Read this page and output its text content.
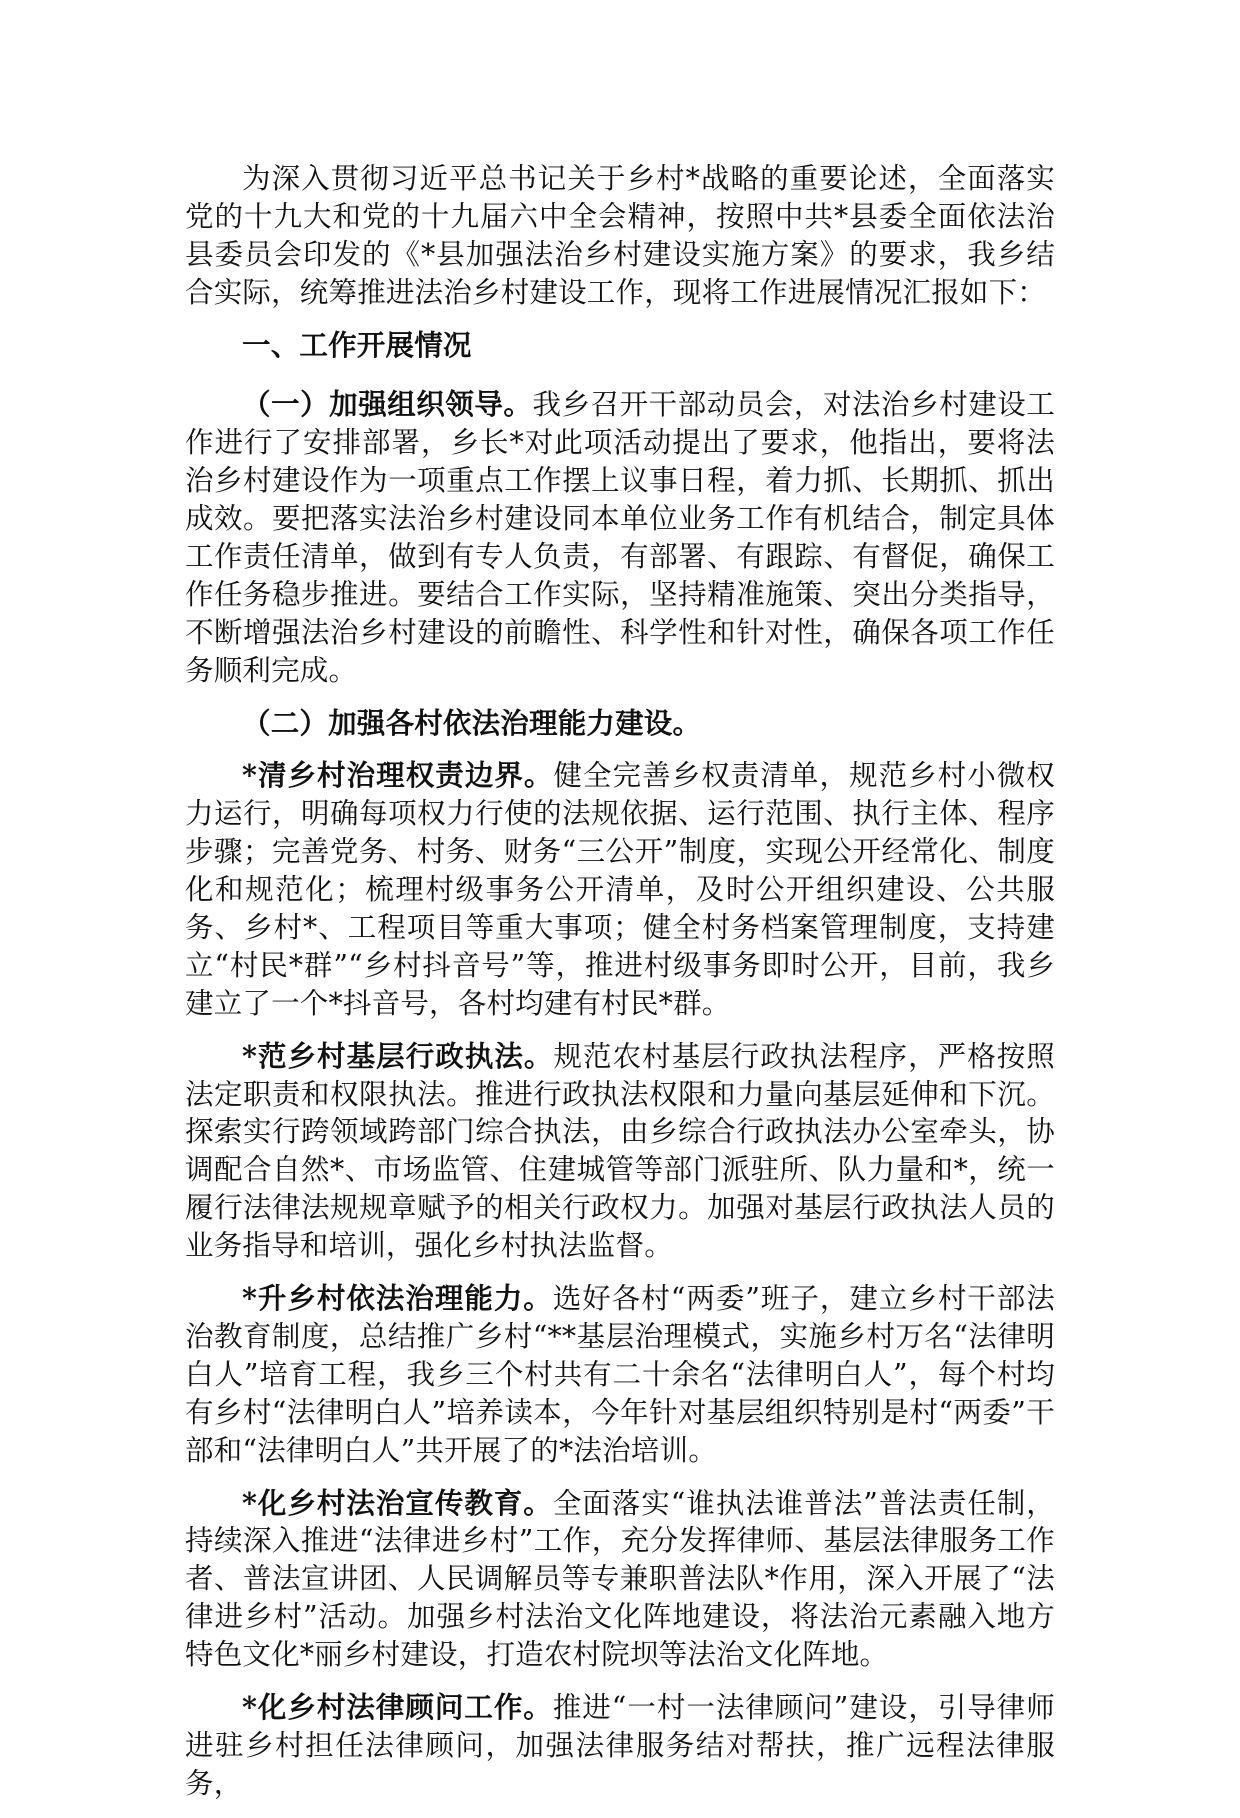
为深入贯彻习近平总书记关于乡村*战略的重要论述，全面落实党的十九大和党的十九届六中全会精神，按照中共*县委全面依法治县委员会印发的《*县加强法治乡村建设实施方案》的要求，我乡结合实际，统筹推进法治乡村建设工作，现将工作进展情况汇报如下：

一、工作开展情况

（一）加强组织领导。我乡召开干部动员会，对法治乡村建设工作进行了安排部署，乡长*对此项活动提出了要求，他指出，要将法治乡村建设作为一项重点工作摆上议事日程，着力抓、长期抓、抓出成效。要把落实法治乡村建设同本单位业务工作有机结合，制定具体工作责任清单，做到有专人负责，有部署、有跟踪、有督促，确保工作任务稳步推进。要结合工作实际，坚持精准施策、突出分类指导，不断增强法治乡村建设的前瞻性、科学性和针对性，确保各项工作任务顺利完成。

（二）加强各村依法治理能力建设。

*清乡村治理权责边界。健全完善乡权责清单，规范乡村小微权力运行，明确每项权力行使的法规依据、运行范围、执行主体、程序步骤；完善党务、村务、财务“三公开”制度，实现公开经常化、制度化和规范化；梳理村级事务公开清单，及时公开组织建设、公共服务、乡村*、工程项目等重大事项；健全村务档案管理制度，支持建立“村民*群”“乡村抖音号”等，推进村级事务即时公开，目前，我乡建立了一个*抖音号，各村均建有村民*群。

*范乡村基层行政执法。规范农村基层行政执法程序，严格按照法定职责和权限执法。推进行政执法权限和力量向基层延伸和下沉。探索实行跨领域跨部门综合执法，由乡综合行政执法办公室牵头，协调配合自然*、市场监管、住建城管等部门派驻所、队力量和*，统一履行法律法规规章赋予的相关行政权力。加强对基层行政执法人员的业务指导和培训，强化乡村执法监督。

*升乡村依法治理能力。选好各村“两委”班子，建立乡村干部法治教育制度，总结推广乡村“**基层治理模式，实施乡村万名“法律明白人”培育工程，我乡三个村共有二十余名“法律明白人”，每个村均有乡村“法律明白人”培养读本，今年针对基层组织特别是村“两委”干部和“法律明白人”共开展了的*法治培训。

*化乡村法治宣传教育。全面落实“谁执法谁普法”普法责任制，持续深入推进“法律进乡村”工作，充分发挥律师、基层法律服务工作者、普法宣讲团、人民调解员等专兼职普法队*作用，深入开展了“法律进乡村”活动。加强乡村法治文化阵地建设，将法治元素融入地方特色文化*丽乡村建设，打造农村院坝等法治文化阵地。

*化乡村法律顾问工作。推进“一村一法律顾问”建设，引导律师进驻乡村担任法律顾问，加强法律服务结对帮扶，推广远程法律服务，
